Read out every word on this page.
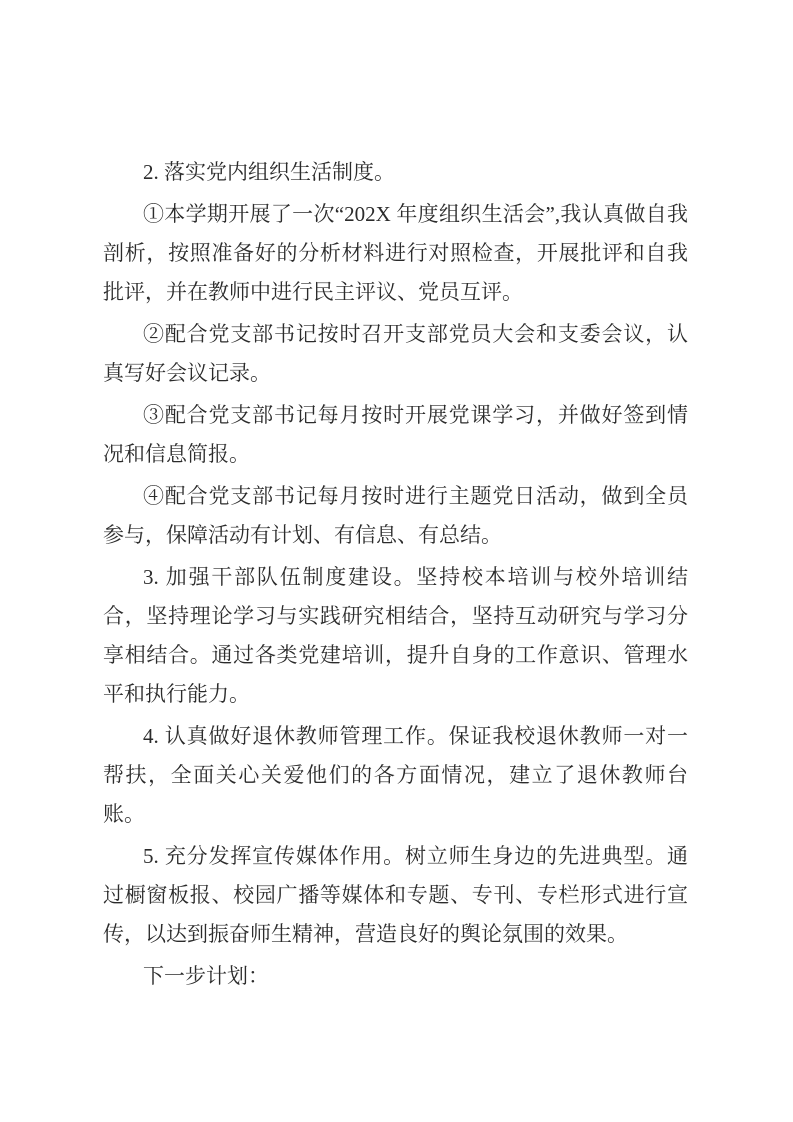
2. 落实党内组织生活制度。

①本学期开展了一次“202X 年度组织生活会”,我认真做自我剖析，按照准备好的分析材料进行对照检查，开展批评和自我批评，并在教师中进行民主评议、党员互评。

②配合党支部书记按时召开支部党员大会和支委会议，认真写好会议记录。

③配合党支部书记每月按时开展党课学习，并做好签到情况和信息简报。

④配合党支部书记每月按时进行主题党日活动，做到全员参与，保障活动有计划、有信息、有总结。

3. 加强干部队伍制度建设。坚持校本培训与校外培训结合，坚持理论学习与实践研究相结合，坚持互动研究与学习分享相结合。通过各类党建培训，提升自身的工作意识、管理水平和执行能力。

4. 认真做好退休教师管理工作。保证我校退休教师一对一帮扶，全面关心关爱他们的各方面情况，建立了退休教师台账。

5. 充分发挥宣传媒体作用。树立师生身边的先进典型。通过橱窗板报、校园广播等媒体和专题、专刊、专栏形式进行宣传，以达到振奋师生精神，营造良好的舆论氛围的效果。

下一步计划：
